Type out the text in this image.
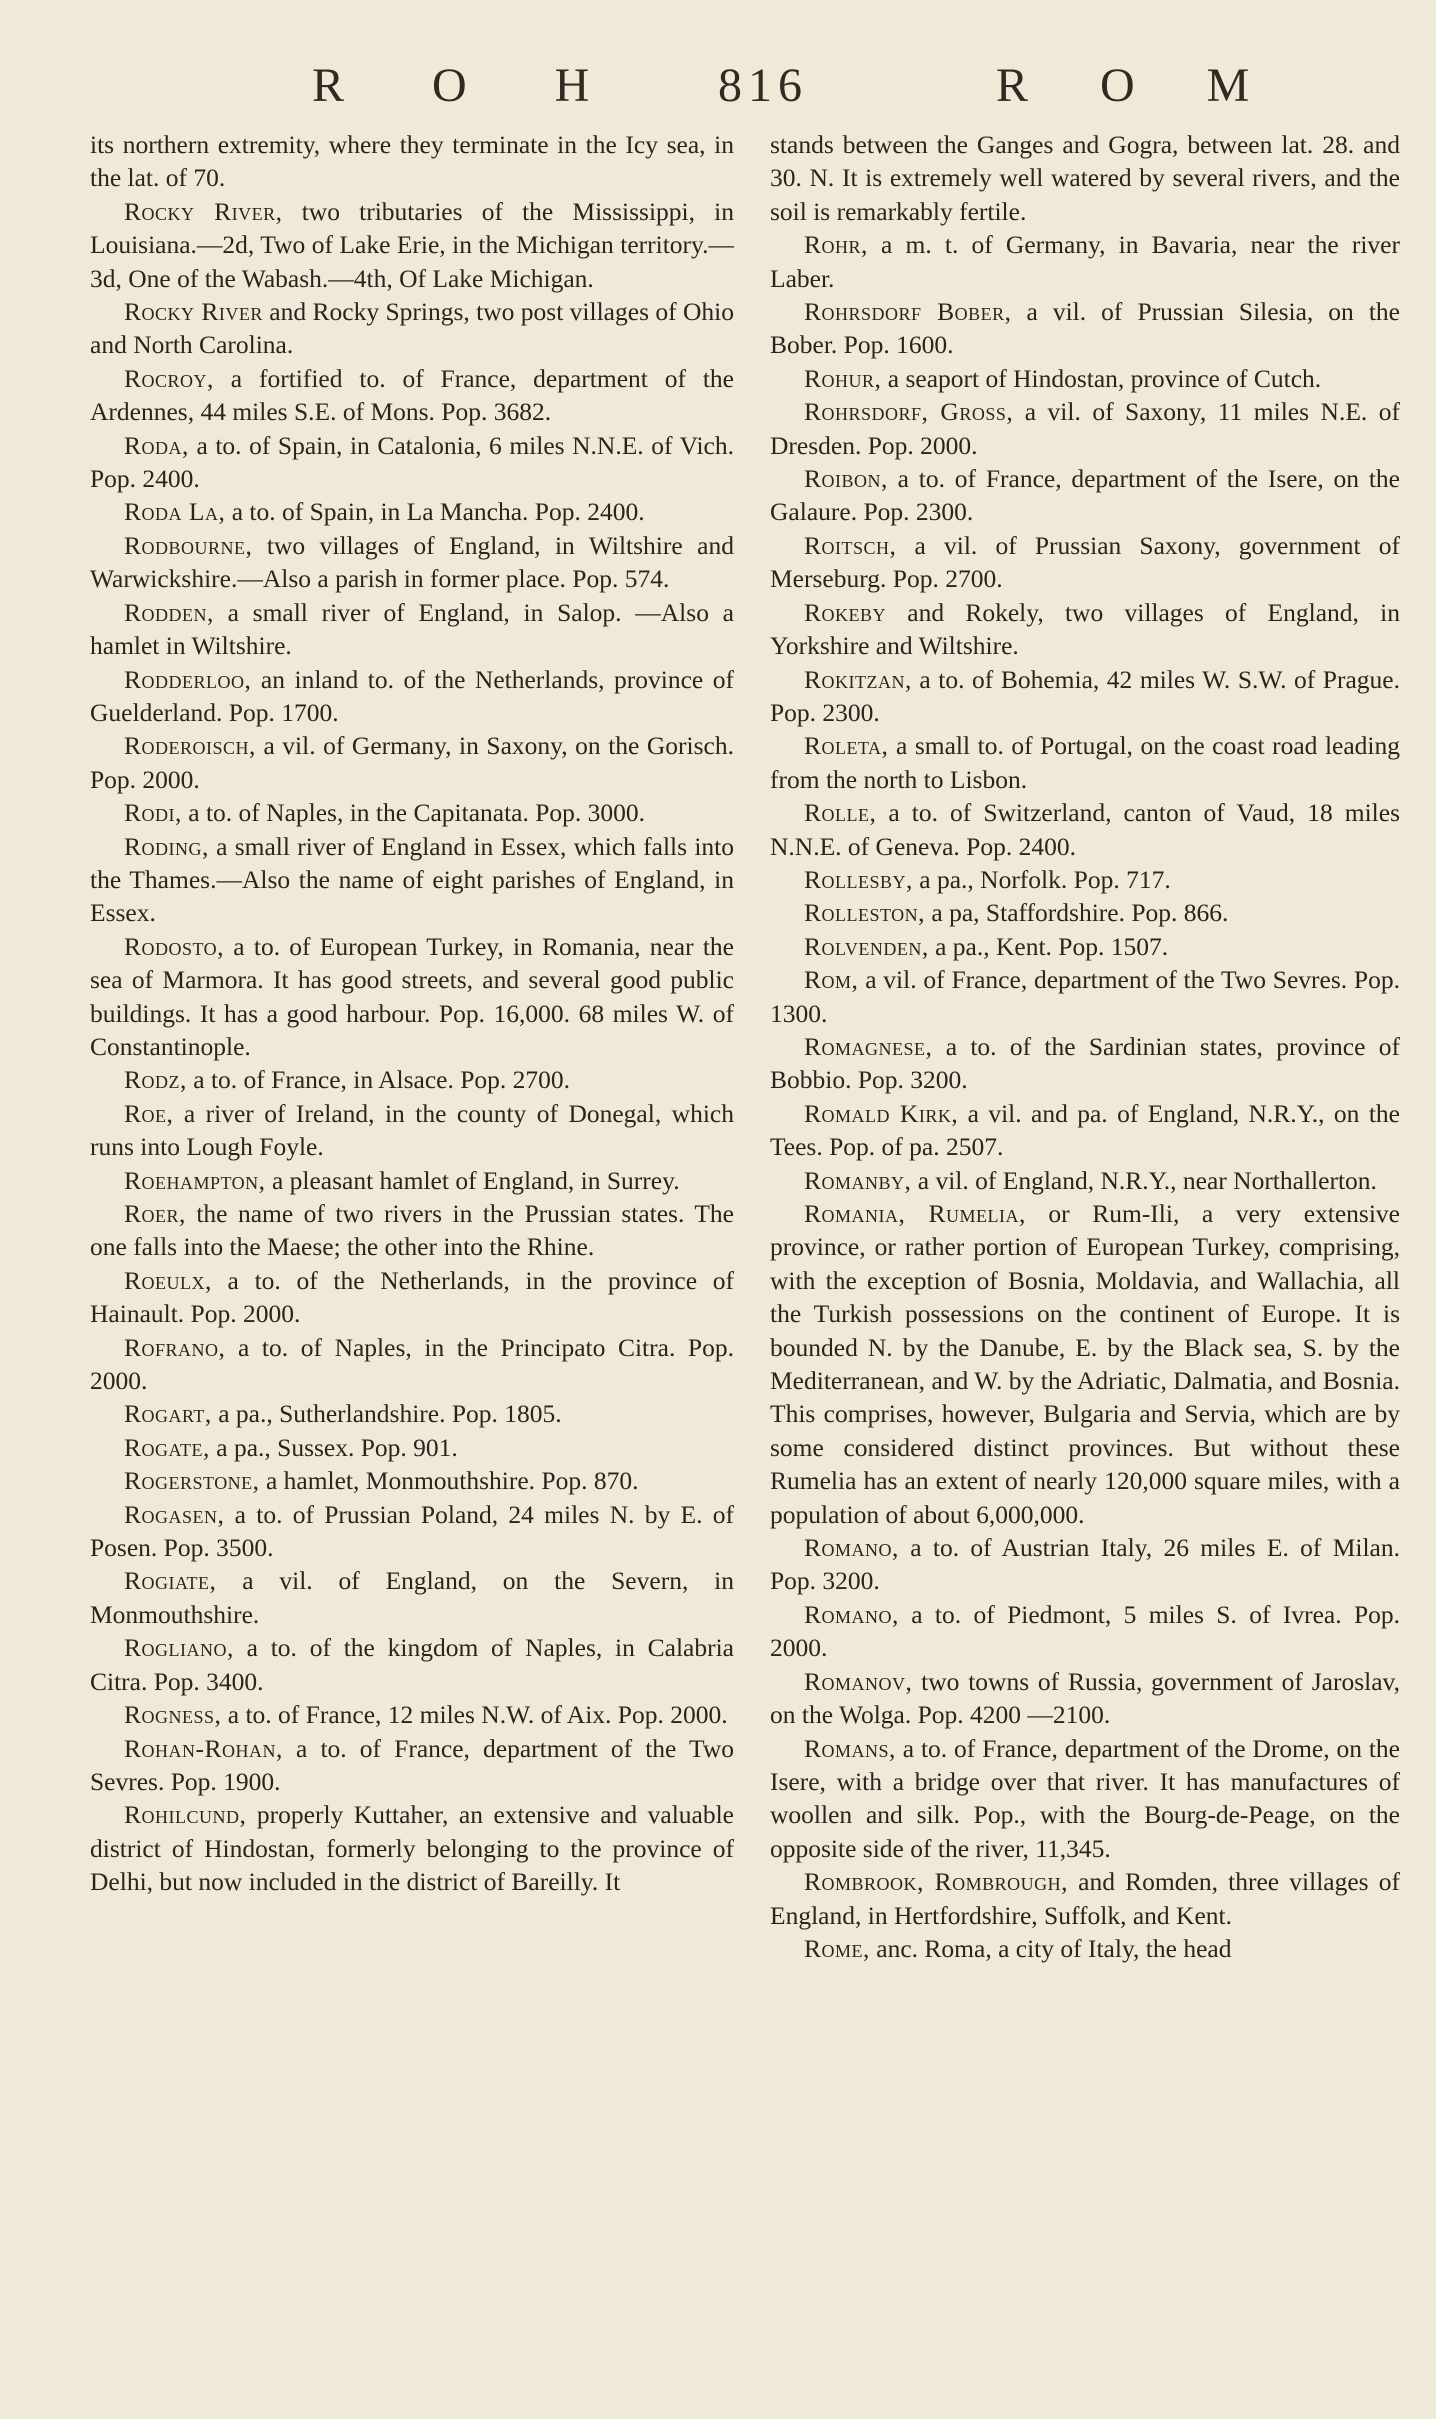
R O H 816	R O M

its northern extremity, where they terminate in the Icy sea, in the lat. of 70.

Rocky River, two tributaries of the Mississippi, in Louisiana.—2d, Two of Lake Erie, in the Michigan territory.—3d, One of the Wabash.—4th, Of Lake Michigan.

Rocky River and Rocky Springs, two post villages of Ohio and North Carolina.

Rocroy, a fortified to. of France, department of the Ardennes, 44 miles S.E. of Mons. Pop. 3682.

Roda, a to. of Spain, in Catalonia, 6 miles N.N.E. of Vich. Pop. 2400.

Roda La, a to. of Spain, in La Mancha. Pop. 2400.

Rodbourne, two villages of England, in Wiltshire and Warwickshire.—Also a parish in former place. Pop. 574.

Rodden, a small river of England, in Salop. —Also a hamlet in Wiltshire.

Rodderloo, an inland to. of the Netherlands, province of Guelderland. Pop. 1700.

Roderoisch, a vil. of Germany, in Saxony, on the Gorisch. Pop. 2000.

Rodi, a to. of Naples, in the Capitanata. Pop. 3000.

Roding, a small river of England in Essex, which falls into the Thames.—Also the name of eight parishes of England, in Essex.

Rodosto, a to. of European Turkey, in Romania, near the sea of Marmora. It has good streets, and several good public buildings. It has a good harbour. Pop. 16,000. 68 miles W. of Constantinople.

Rodz, a to. of France, in Alsace. Pop. 2700.

Roe, a river of Ireland, in the county of Donegal, which runs into Lough Foyle.

Roehampton, a pleasant hamlet of England, in Surrey.

Roer, the name of two rivers in the Prussian states. The one falls into the Maese; the other into the Rhine.

Roeulx, a to. of the Netherlands, in the province of Hainault. Pop. 2000.

Rofrano, a to. of Naples, in the Principato Citra. Pop. 2000.

Rogart, a pa., Sutherlandshire. Pop. 1805.

Rogate, a pa., Sussex. Pop. 901.

Rogerstone, a hamlet, Monmouthshire. Pop. 870.

Rogasen, a to. of Prussian Poland, 24 miles N. by E. of Posen. Pop. 3500.

Rogiate, a vil. of England, on the Severn, in Monmouthshire.

Rogliano, a to. of the kingdom of Naples, in Calabria Citra. Pop. 3400.

Rogness, a to. of France, 12 miles N.W. of Aix. Pop. 2000.

Rohan-Rohan, a to. of France, department of the Two Sevres. Pop. 1900.

Rohilcund, properly Kuttaher, an extensive and valuable district of Hindostan, formerly belonging to the province of Delhi, but now included in the district of Bareilly. It

stands between the Ganges and Gogra, between lat. 28. and 30. N. It is extremely well watered by several rivers, and the soil is remarkably fertile.

Rohr, a m. t. of Germany, in Bavaria, near the river Laber.

Rohrsdorf Bober, a vil. of Prussian Silesia, on the Bober. Pop. 1600.

Rohur, a seaport of Hindostan, province of Cutch.

Rohrsdorf, Gross, a vil. of Saxony, 11 miles N.E. of Dresden. Pop. 2000.

Roibon, a to. of France, department of the Isere, on the Galaure. Pop. 2300.

Roitsch, a vil. of Prussian Saxony, government of Merseburg. Pop. 2700.

Rokeby and Rokely, two villages of England, in Yorkshire and Wiltshire.

Rokitzan, a to. of Bohemia, 42 miles W. S.W. of Prague. Pop. 2300.

Roleta, a small to. of Portugal, on the coast road leading from the north to Lisbon.

Rolle, a to. of Switzerland, canton of Vaud, 18 miles N.N.E. of Geneva. Pop. 2400.

Rollesby, a pa., Norfolk. Pop. 717.

Rolleston, a pa, Staffordshire. Pop. 866.

Rolvenden, a pa., Kent. Pop. 1507.

Rom, a vil. of France, department of the Two Sevres. Pop. 1300.

Romagnese, a to. of the Sardinian states, province of Bobbio. Pop. 3200.

Romald Kirk, a vil. and pa. of England, N.R.Y., on the Tees. Pop. of pa. 2507.

Romanby, a vil. of England, N.R.Y., near Northallerton.

Romania, Rumelia, or Rum-Ili, a very extensive province, or rather portion of European Turkey, comprising, with the exception of Bosnia, Moldavia, and Wallachia, all the Turkish possessions on the continent of Europe. It is bounded N. by the Danube, E. by the Black sea, S. by the Mediterranean, and W. by the Adriatic, Dalmatia, and Bosnia. This comprises, however, Bulgaria and Servia, which are by some considered distinct provinces. But without these Rumelia has an extent of nearly 120,000 square miles, with a population of about 6,000,000.

Romano, a to. of Austrian Italy, 26 miles E. of Milan. Pop. 3200.

Romano, a to. of Piedmont, 5 miles S. of Ivrea. Pop. 2000.

Romanov, two towns of Russia, government of Jaroslav, on the Wolga. Pop. 4200 —2100.

Romans, a to. of France, department of the Drome, on the Isere, with a bridge over that river. It has manufactures of woollen and silk. Pop., with the Bourg-de-Peage, on the opposite side of the river, 11,345.

Rombrook, Rombrough, and Romden, three villages of England, in Hertfordshire, Suffolk, and Kent.

Rome, anc. Roma, a city of Italy, the head
